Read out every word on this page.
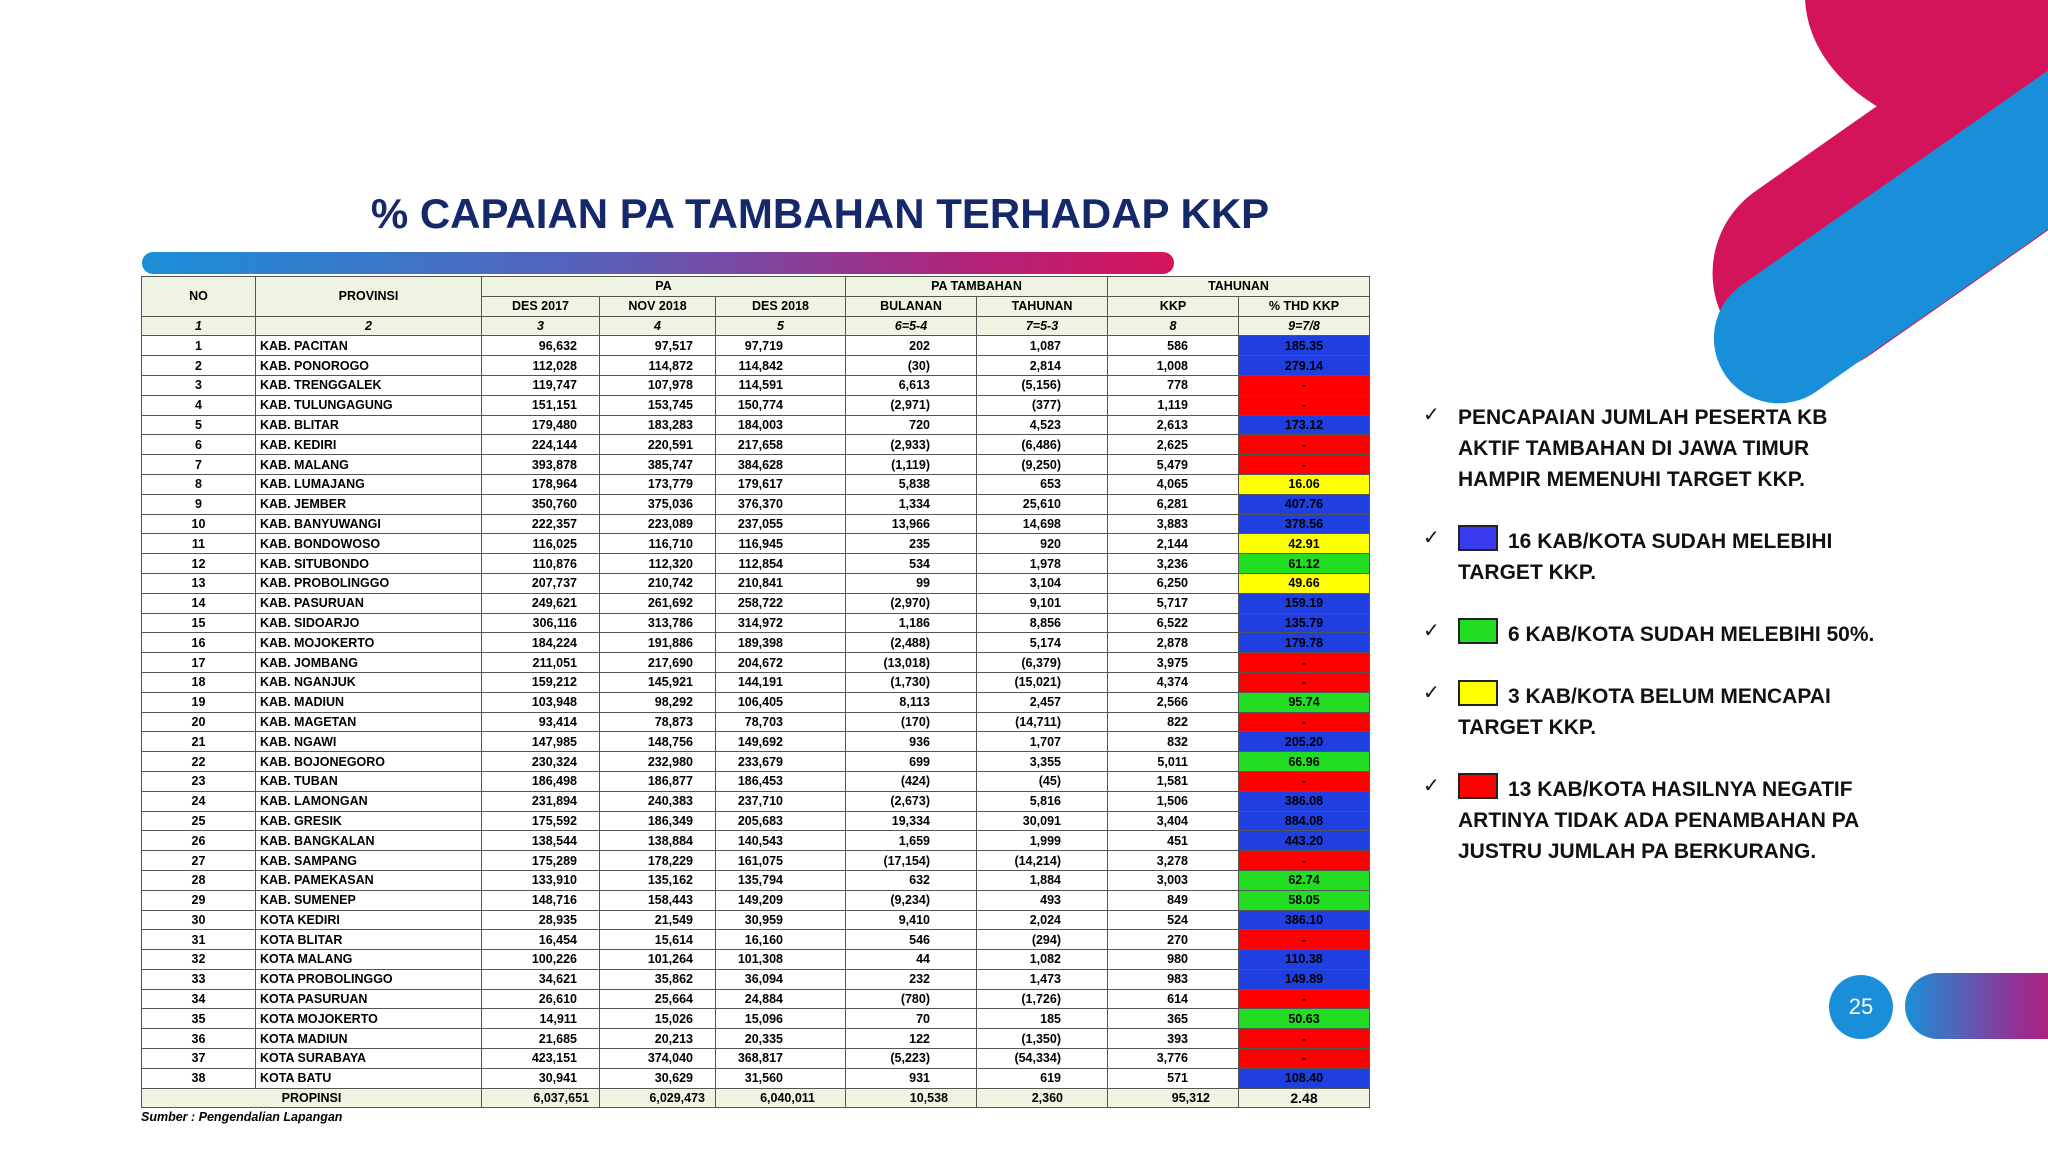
25
% CAPAIAN PA TAMBAHAN TERHADAP KKP
NO	PROVINSI	PA			PA TAMBAHAN		TAHUNAN	
		DES 2017	NOV 2018	DES 2018	BULANAN	TAHUNAN	KKP	% THD KKP
1	2	3	4	5	6=5-4	7=5-3	8	9=7/8
1	KAB. PACITAN	96,632	97,517	97,719	202	1,087	586	185.35
2	KAB. PONOROGO	112,028	114,872	114,842	(30)	2,814	1,008	279.14
3	KAB. TRENGGALEK	119,747	107,978	114,591	6,613	(5,156)	778	-
4	KAB. TULUNGAGUNG	151,151	153,745	150,774	(2,971)	(377)	1,119	-
5	KAB. BLITAR	179,480	183,283	184,003	720	4,523	2,613	173.12
6	KAB. KEDIRI	224,144	220,591	217,658	(2,933)	(6,486)	2,625	-
7	KAB. MALANG	393,878	385,747	384,628	(1,119)	(9,250)	5,479	-
8	KAB. LUMAJANG	178,964	173,779	179,617	5,838	653	4,065	16.06
9	KAB. JEMBER	350,760	375,036	376,370	1,334	25,610	6,281	407.76
10	KAB. BANYUWANGI	222,357	223,089	237,055	13,966	14,698	3,883	378.56
11	KAB. BONDOWOSO	116,025	116,710	116,945	235	920	2,144	42.91
12	KAB. SITUBONDO	110,876	112,320	112,854	534	1,978	3,236	61.12
13	KAB. PROBOLINGGO	207,737	210,742	210,841	99	3,104	6,250	49.66
14	KAB. PASURUAN	249,621	261,692	258,722	(2,970)	9,101	5,717	159.19
15	KAB. SIDOARJO	306,116	313,786	314,972	1,186	8,856	6,522	135.79
16	KAB. MOJOKERTO	184,224	191,886	189,398	(2,488)	5,174	2,878	179.78
17	KAB. JOMBANG	211,051	217,690	204,672	(13,018)	(6,379)	3,975	-
18	KAB. NGANJUK	159,212	145,921	144,191	(1,730)	(15,021)	4,374	-
19	KAB. MADIUN	103,948	98,292	106,405	8,113	2,457	2,566	95.74
20	KAB. MAGETAN	93,414	78,873	78,703	(170)	(14,711)	822	-
21	KAB. NGAWI	147,985	148,756	149,692	936	1,707	832	205.20
22	KAB. BOJONEGORO	230,324	232,980	233,679	699	3,355	5,011	66.96
23	KAB. TUBAN	186,498	186,877	186,453	(424)	(45)	1,581	-
24	KAB. LAMONGAN	231,894	240,383	237,710	(2,673)	5,816	1,506	386.08
25	KAB. GRESIK	175,592	186,349	205,683	19,334	30,091	3,404	884.08
26	KAB. BANGKALAN	138,544	138,884	140,543	1,659	1,999	451	443.20
27	KAB. SAMPANG	175,289	178,229	161,075	(17,154)	(14,214)	3,278	-
28	KAB. PAMEKASAN	133,910	135,162	135,794	632	1,884	3,003	62.74
29	KAB. SUMENEP	148,716	158,443	149,209	(9,234)	493	849	58.05
30	KOTA KEDIRI	28,935	21,549	30,959	9,410	2,024	524	386.10
31	KOTA BLITAR	16,454	15,614	16,160	546	(294)	270	-
32	KOTA MALANG	100,226	101,264	101,308	44	1,082	980	110.38
33	KOTA PROBOLINGGO	34,621	35,862	36,094	232	1,473	983	149.89
34	KOTA PASURUAN	26,610	25,664	24,884	(780)	(1,726)	614	-
35	KOTA MOJOKERTO	14,911	15,026	15,096	70	185	365	50.63
36	KOTA MADIUN	21,685	20,213	20,335	122	(1,350)	393	-
37	KOTA SURABAYA	423,151	374,040	368,817	(5,223)	(54,334)	3,776	-
38	KOTA BATU	30,941	30,629	31,560	931	619	571	108.40
PROPINSI		6,037,651	6,029,473	6,040,011	10,538	2,360	95,312	2.48
Sumber : Pengendalian Lapangan
✓ PENCAPAIAN JUMLAH PESERTA KB AKTIF TAMBAHAN DI JAWA TIMUR HAMPIR MEMENUHI TARGET KKP.
✓	16 KAB/KOTA SUDAH MELEBIHI TARGET KKP.
✓	6 KAB/KOTA SUDAH MELEBIHI 50%.
✓	3 KAB/KOTA BELUM MENCAPAI TARGET KKP.
✓	13 KAB/KOTA HASILNYA NEGATIF ARTINYA TIDAK ADA PENAMBAHAN PA JUSTRU JUMLAH PA BERKURANG.
